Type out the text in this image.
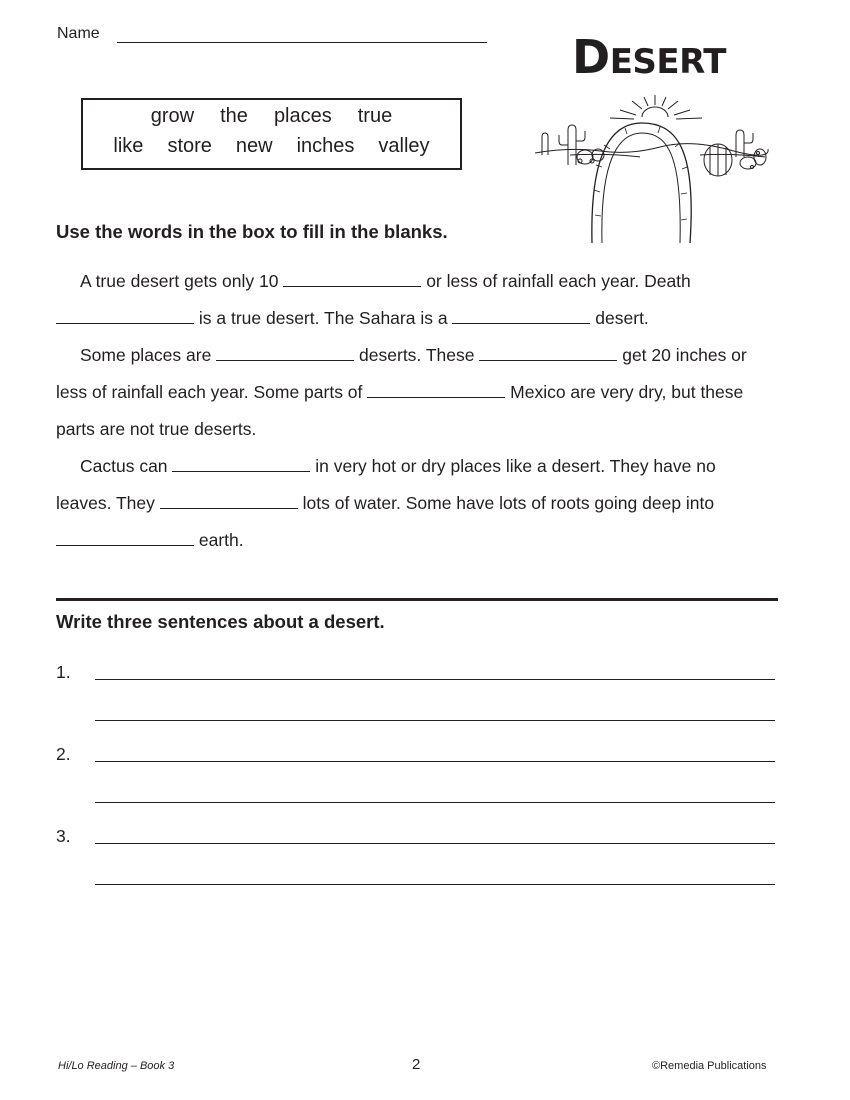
Name	DESERT
grow the places true
like store new inches valley
Use the words in the box to fill in the blanks.
A true desert gets only 10	or less of rainfall each year. Death
is a true desert. The Sahara is a	desert.
Some places are	deserts. These	get 20 inches or
less of rainfall each year. Some parts of	Mexico are very dry, but these
parts are not true deserts.
Cactus can	in very hot or dry places like a desert. They have no
leaves. They	lots of water. Some have lots of roots going deep into
earth.
Write three sentences about a desert.
1.
2.
3.
Hi/Lo Reading – Book 3	2	©Remedia Publications
